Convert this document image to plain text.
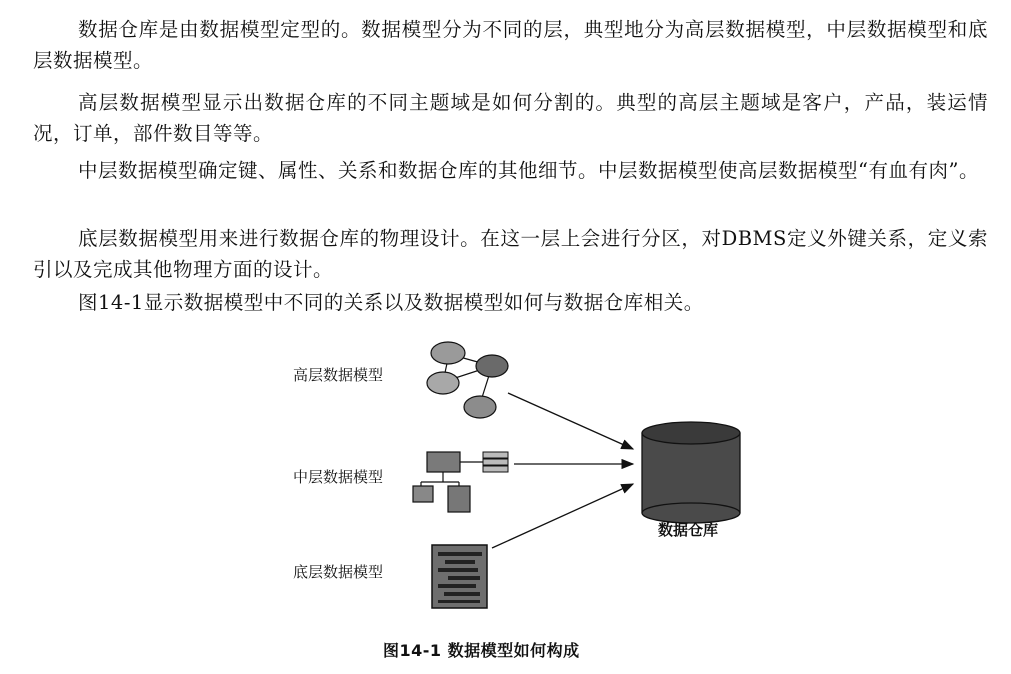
数据仓库是由数据模型定型的。数据模型分为不同的层，典型地分为高层数据模型，中层数据模型和底层数据模型。

高层数据模型显示出数据仓库的不同主题域是如何分割的。典型的高层主题域是客户，产品，装运情况，订单，部件数目等等。

中层数据模型确定键、属性、关系和数据仓库的其他细节。中层数据模型使高层数据模型“有血有肉”。

底层数据模型用来进行数据仓库的物理设计。在这一层上会进行分区，对DBMS定义外键关系，定义索引以及完成其他物理方面的设计。

图14-1显示数据模型中不同的关系以及数据模型如何与数据仓库相关。

高层数据模型
中层数据模型
底层数据模型
数据仓库
图14-1 数据模型如何构成
